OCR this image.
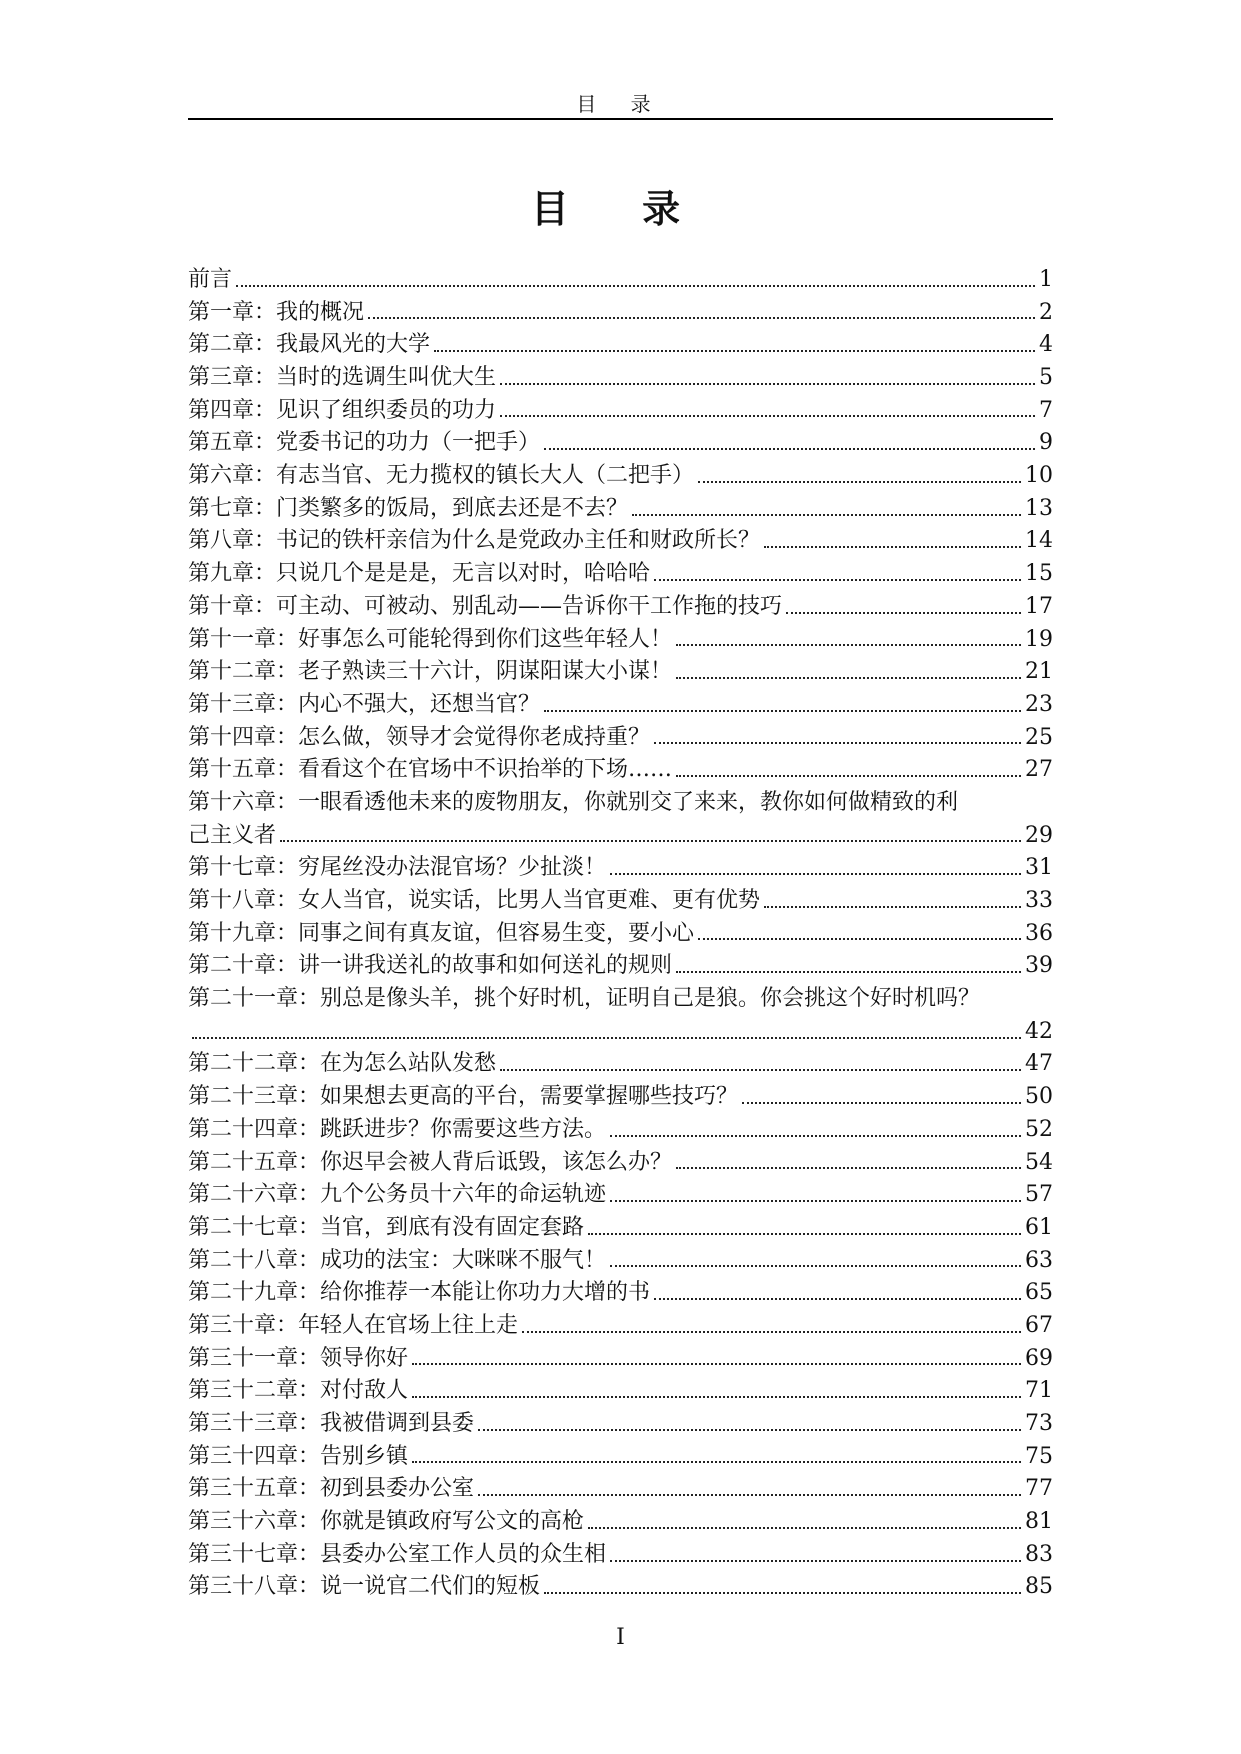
目 录
目 录
前言	1
第一章：我的概况	2
第二章：我最风光的大学	4
第三章：当时的选调生叫优大生	5
第四章：见识了组织委员的功力	7
第五章：党委书记的功力（一把手）	9
第六章：有志当官、无力揽权的镇长大人（二把手）	10
第七章：门类繁多的饭局，到底去还是不去？	13
第八章：书记的铁杆亲信为什么是党政办主任和财政所长？	14
第九章：只说几个是是是，无言以对时，哈哈哈	15
第十章：可主动、可被动、别乱动——告诉你干工作拖的技巧	17
第十一章：好事怎么可能轮得到你们这些年轻人！	19
第十二章：老子熟读三十六计，阴谋阳谋大小谋！	21
第十三章：内心不强大，还想当官？	23
第十四章：怎么做，领导才会觉得你老成持重？	25
第十五章：看看这个在官场中不识抬举的下场……	27
第十六章：一眼看透他未来的废物朋友，你就别交了来来，教你如何做精致的利
己主义者	29
第十七章：穷尾丝没办法混官场？少扯淡！	31
第十八章：女人当官，说实话，比男人当官更难、更有优势	33
第十九章：同事之间有真友谊，但容易生变，要小心	36
第二十章：讲一讲我送礼的故事和如何送礼的规则	39
第二十一章：别总是像头羊，挑个好时机，证明自己是狼。你会挑这个好时机吗？
42
第二十二章：在为怎么站队发愁	47
第二十三章：如果想去更高的平台，需要掌握哪些技巧？	50
第二十四章：跳跃进步？你需要这些方法。	52
第二十五章：你迟早会被人背后诋毁，该怎么办？	54
第二十六章：九个公务员十六年的命运轨迹	57
第二十七章：当官，到底有没有固定套路	61
第二十八章：成功的法宝：大咪咪不服气！	63
第二十九章：给你推荐一本能让你功力大增的书	65
第三十章：年轻人在官场上往上走	67
第三十一章：领导你好	69
第三十二章：对付敌人	71
第三十三章：我被借调到县委	73
第三十四章：告别乡镇	75
第三十五章：初到县委办公室	77
第三十六章：你就是镇政府写公文的高枪	81
第三十七章：县委办公室工作人员的众生相	83
第三十八章：说一说官二代们的短板	85
I
